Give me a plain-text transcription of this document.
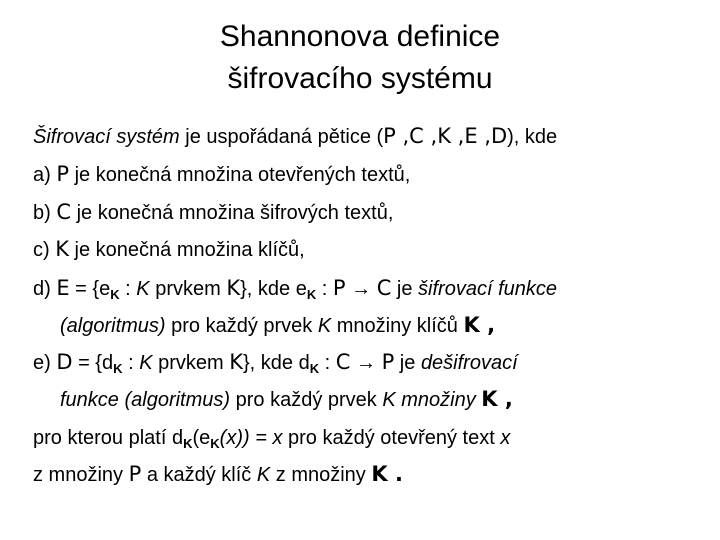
Shannonova definice
šifrovacího systému
Šifrovací systém je uspořádaná pětice (P ,C ,K ,E ,D), kde
a) P je konečná množina otevřených textů,
b) C je konečná množina šifrových textů,
c) K je konečná množina klíčů,
d) $E = \{e_K$ : K prvkem K}, kde $e_K$ : P → C je šifrovací funkce
(algoritmus) pro každý prvek K množiny klíčů K ,
e) $D = \{d_K$ : K prvkem K}, kde $d_K$ : C → P je dešifrovací
funkce (algoritmus) pro každý prvek K množiny K ,
pro kterou platí $d_K(e_K(x)) = x$ pro každý otevřený text x
z množiny P a každý klíč K z množiny K .
